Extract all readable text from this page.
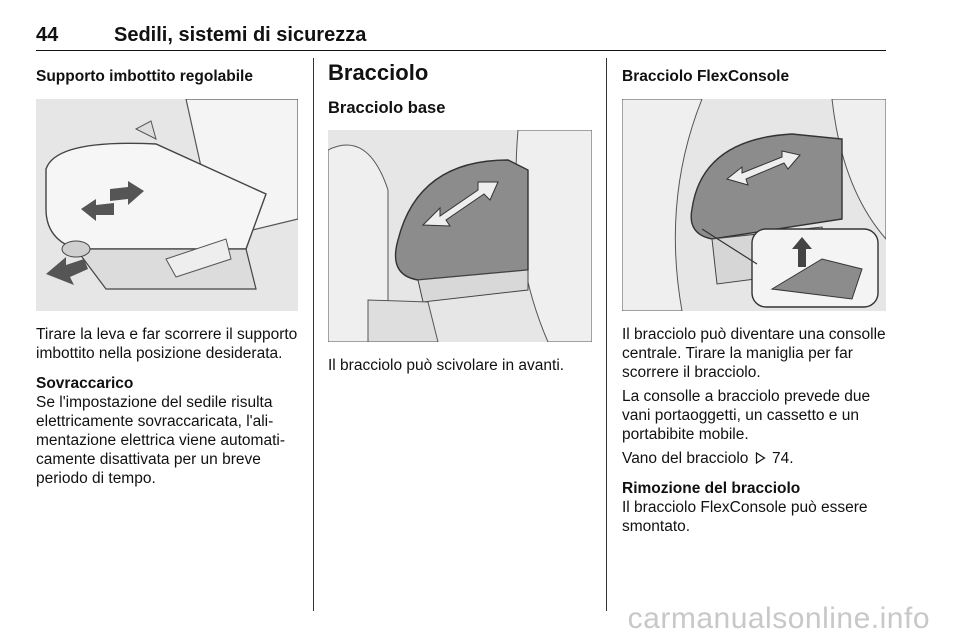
44	Sedili, sistemi di sicurezza
Supporto imbottito regolabile

Tirare la leva e far scorrere il supporto imbottito nella posizione desiderata.

Sovraccarico

Se l'impostazione del sedile risulta elettricamente sovraccaricata, l'ali-mentazione elettrica viene automati-camente disattivata per un breve periodo di tempo.

Bracciolo
Bracciolo base

Il bracciolo può scivolare in avanti.

Bracciolo FlexConsole

Il bracciolo può diventare una consolle centrale. Tirare la maniglia per far scorrere il bracciolo.

La consolle a bracciolo prevede due vani portaoggetti, un cassetto e un portabibite mobile.

Vano del bracciolo 74.

Rimozione del bracciolo

Il bracciolo FlexConsole può essere smontato.

carmanualsonline.info
